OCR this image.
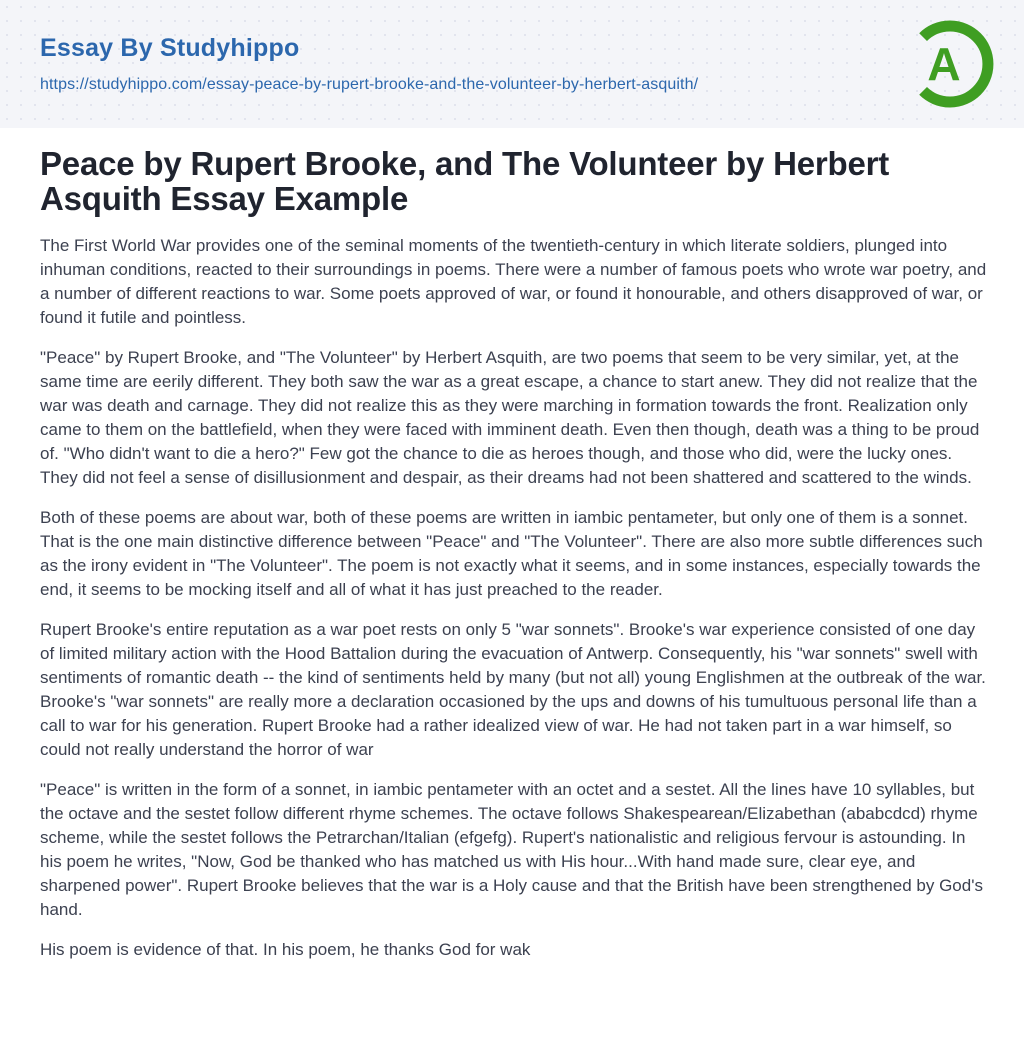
Essay By Studyhippo
https://studyhippo.com/essay-peace-by-rupert-brooke-and-the-volunteer-by-herbert-asquith/	A
Peace by Rupert Brooke, and The Volunteer by Herbert Asquith Essay Example

The First World War provides one of the seminal moments of the twentieth-century in which literate soldiers, plunged into inhuman conditions, reacted to their surroundings in poems. There were a number of famous poets who wrote war poetry, and a number of different reactions to war. Some poets approved of war, or found it honourable, and others disapproved of war, or found it futile and pointless.

"Peace" by Rupert Brooke, and "The Volunteer" by Herbert Asquith, are two poems that seem to be very similar, yet, at the same time are eerily different. They both saw the war as a great escape, a chance to start anew. They did not realize that the war was death and carnage. They did not realize this as they were marching in formation towards the front. Realization only came to them on the battlefield, when they were faced with imminent death. Even then though, death was a thing to be proud of. "Who didn't want to die a hero?" Few got the chance to die as heroes though, and those who did, were the lucky ones. They did not feel a sense of disillusionment and despair, as their dreams had not been shattered and scattered to the winds.

Both of these poems are about war, both of these poems are written in iambic pentameter, but only one of them is a sonnet. That is the one main distinctive difference between "Peace" and "The Volunteer". There are also more subtle differences such as the irony evident in "The Volunteer". The poem is not exactly what it seems, and in some instances, especially towards the end, it seems to be mocking itself and all of what it has just preached to the reader.

Rupert Brooke's entire reputation as a war poet rests on only 5 "war sonnets". Brooke's war experience consisted of one day of limited military action with the Hood Battalion during the evacuation of Antwerp. Consequently, his "war sonnets" swell with sentiments of romantic death -- the kind of sentiments held by many (but not all) young Englishmen at the outbreak of the war. Brooke's "war sonnets" are really more a declaration occasioned by the ups and downs of his tumultuous personal life than a call to war for his generation. Rupert Brooke had a rather idealized view of war. He had not taken part in a war himself, so could not really understand the horror of war

"Peace" is written in the form of a sonnet, in iambic pentameter with an octet and a sestet. All the lines have 10 syllables, but the octave and the sestet follow different rhyme schemes. The octave follows Shakespearean/Elizabethan (ababcdcd) rhyme scheme, while the sestet follows the Petrarchan/Italian (efgefg). Rupert's nationalistic and religious fervour is astounding. In his poem he writes, "Now, God be thanked who has matched us with His hour...With hand made sure, clear eye, and sharpened power". Rupert Brooke believes that the war is a Holy cause and that the British have been strengthened by God's hand.

His poem is evidence of that. In his poem, he thanks God for wak
